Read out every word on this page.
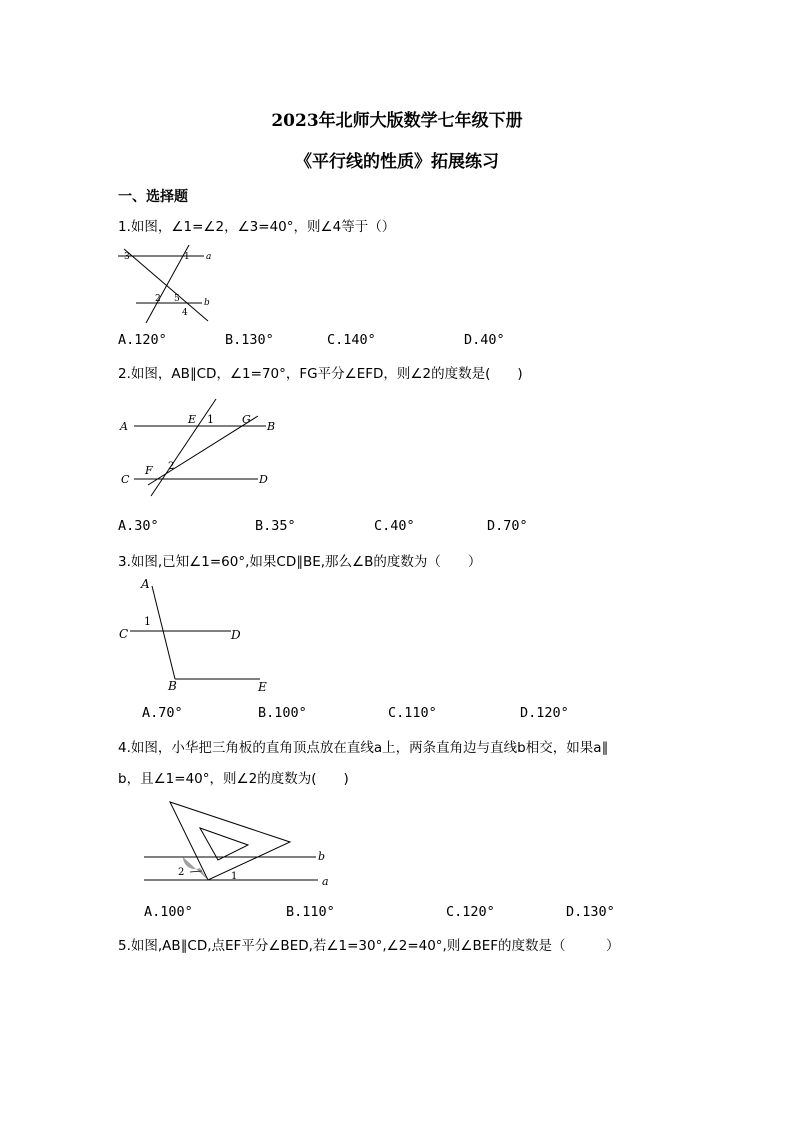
2023年北师大版数学七年级下册
《平行线的性质》拓展练习
一、选择题
1.如图，∠1=∠2，∠3=40°，则∠4等于（）
3	1 a
2 5	b
4
A.120°	B.130°	C.140°	D.40°
2.如图，AB∥CD，∠1=70°，FG平分∠EFD，则∠2的度数是(　　)
A
E 1	G
B
C
F 2
D
A.30°	B.35°	C.40°	D.70°
3.如图,已知∠1=60°,如果CD∥BE,那么∠B的度数为（　　）
A
1
C	D
B	E
A.70°	B.100°	C.110°	D.120°
4.如图，小华把三角板的直角顶点放在直线a上，两条直角边与直线b相交，如果a∥
b，且∠1=40°，则∠2的度数为(　　)
b
a
2	1
A.100°	B.110°	C.120°	D.130°
5.如图,AB∥CD,点EF平分∠BED,若∠1=30°,∠2=40°,则∠BEF的度数是（　　　）
